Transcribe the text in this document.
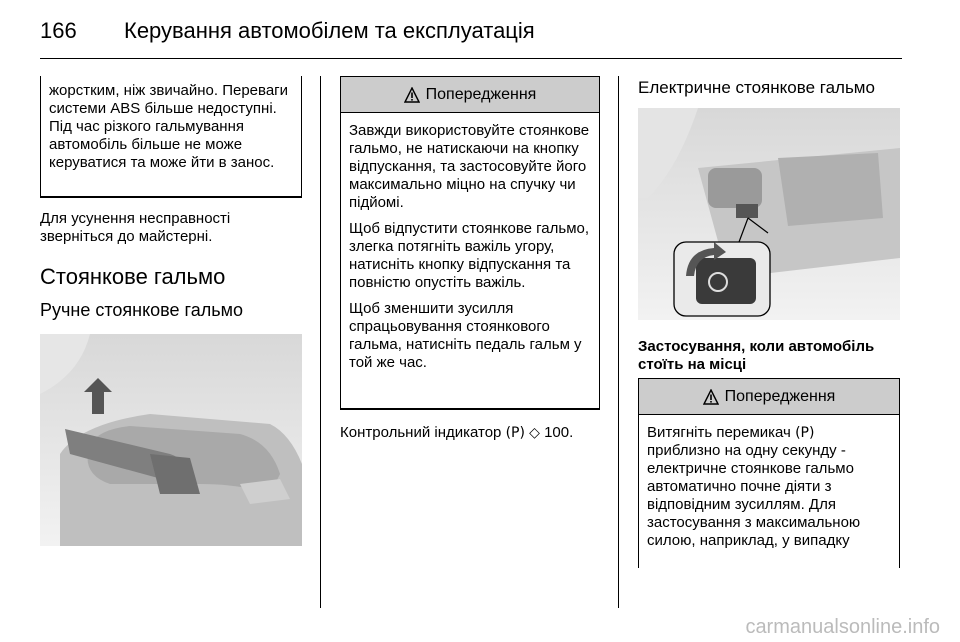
166 Керування автомобілем та експлуатація

жорстким, ніж звичайно. Переваги системи ABS більше недоступні. Під час різкого гальмування автомобіль більше не може керуватися та може йти в занос.

Для усунення несправності зверніться до майстерні.
Стоянкове гальмо
Ручне стоянкове гальмо
Попередження

Завжди використовуйте стоянкове гальмо, не натискаючи на кнопку відпускання, та застосовуйте його максимально міцно на спучку чи підйомі.

Щоб відпустити стоянкове гальмо, злегка потягніть важіль угору, натисніть кнопку відпускання та повністю опустіть важіль.

Щоб зменшити зусилля спрацьовування стоянкового гальма, натисніть педаль гальм у той же час.

Контрольний індикатор (P) ◇ 100.
Електричне стоянкове гальмо
Застосування, коли автомобіль стоїть на місці
Попередження

Витягніть перемикач (P) приблизно на одну секунду - електричне стоянкове гальмо автоматично почне діяти з відповідним зусиллям. Для застосування з максимальною силою, наприклад, у випадку

carmanualsonline.info
